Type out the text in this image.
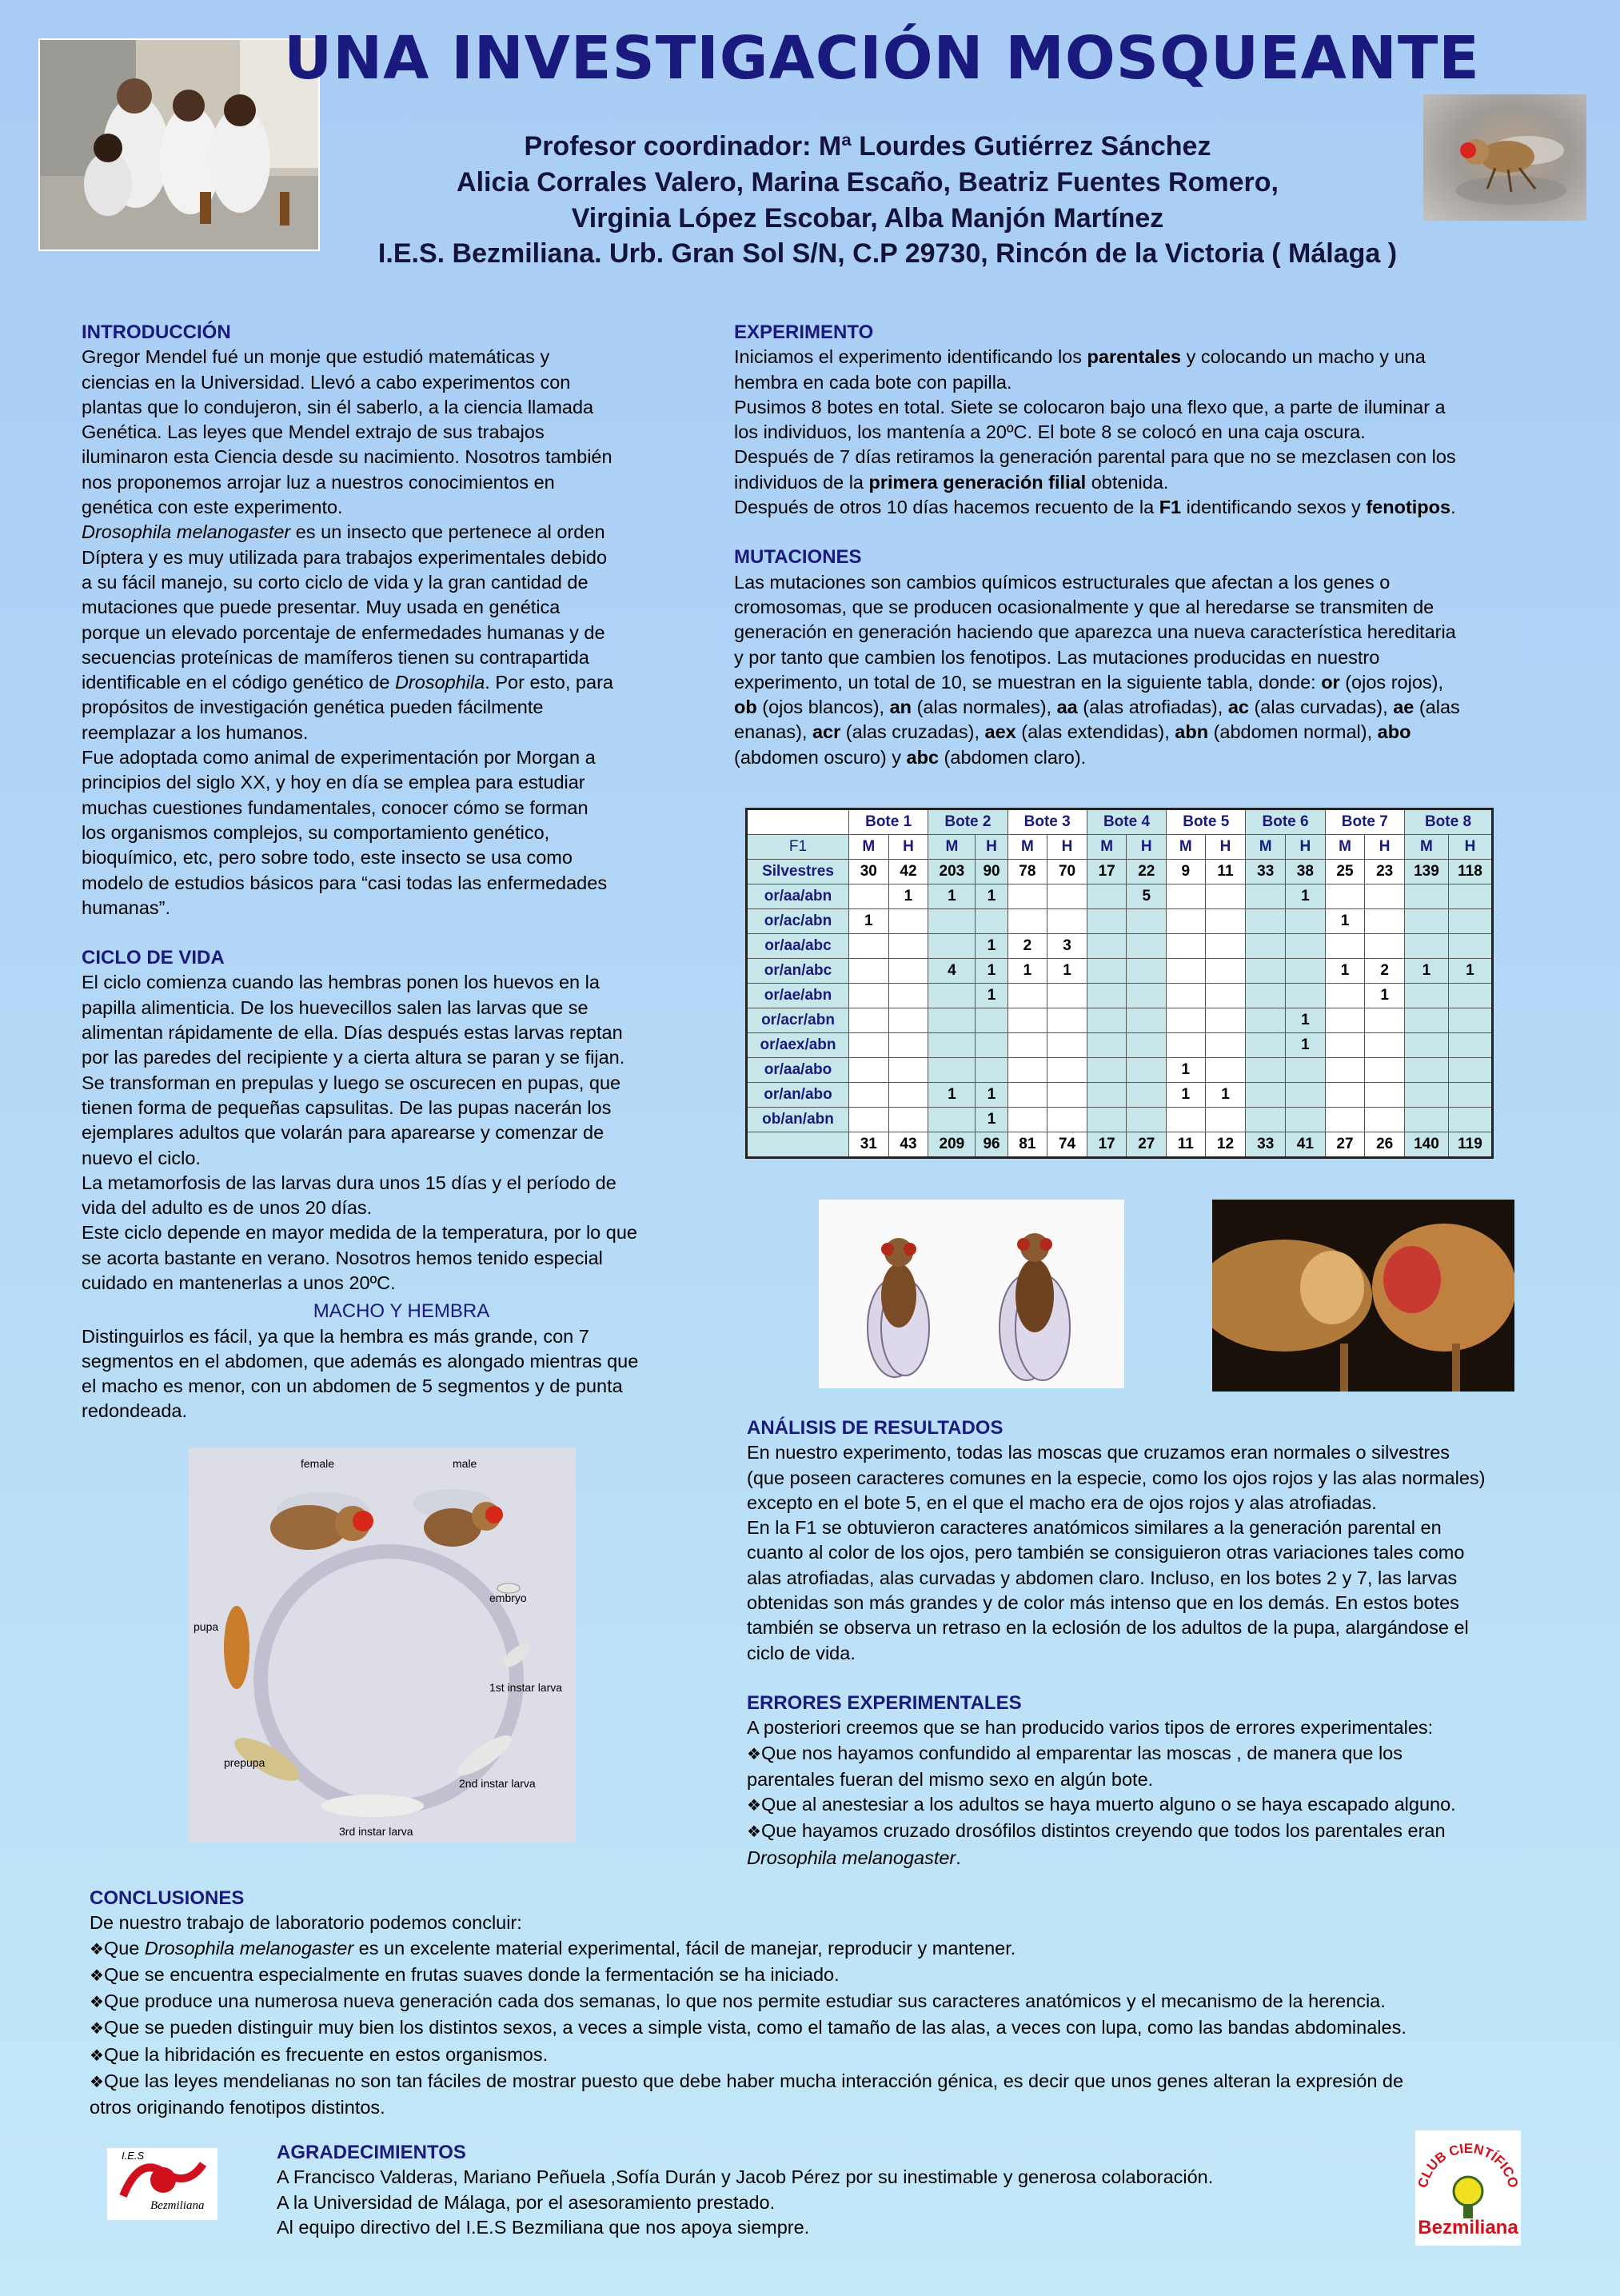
UNA INVESTIGACIÓN MOSQUEANTE
Profesor coordinador: Mª Lourdes Gutiérrez Sánchez
Alicia Corrales Valero, Marina Escaño, Beatriz Fuentes Romero,
Virginia López Escobar, Alba Manjón Martínez
I.E.S. Bezmiliana. Urb. Gran Sol S/N, C.P 29730, Rincón de la Victoria ( Málaga )
INTRODUCCIÓN
Gregor Mendel fué un monje que estudió matemáticas y
ciencias en la Universidad. Llevó a cabo experimentos con
plantas que lo condujeron, sin él saberlo, a la ciencia llamada
Genética. Las leyes que Mendel extrajo de sus trabajos
iluminaron esta Ciencia desde su nacimiento. Nosotros también
nos proponemos arrojar luz a nuestros conocimientos en
genética con este experimento.
Drosophila melanogaster es un insecto que pertenece al orden
Díptera y es muy utilizada para trabajos experimentales debido
a su fácil manejo, su corto ciclo de vida y la gran cantidad de
mutaciones que puede presentar. Muy usada en genética
porque un elevado porcentaje de enfermedades humanas y de
secuencias proteínicas de mamíferos tienen su contrapartida
identificable en el código genético de Drosophila. Por esto, para
propósitos de investigación genética pueden fácilmente
reemplazar a los humanos.
Fue adoptada como animal de experimentación por Morgan a
principios del siglo XX, y hoy en día se emplea para estudiar
muchas cuestiones fundamentales, conocer cómo se forman
los organismos complejos, su comportamiento genético,
bioquímico, etc, pero sobre todo, este insecto se usa como
modelo de estudios básicos para “casi todas las enfermedades
humanas”.
CICLO DE VIDA
El ciclo comienza cuando las hembras ponen los huevos en la
papilla alimenticia. De los huevecillos salen las larvas que se
alimentan rápidamente de ella. Días después estas larvas reptan
por las paredes del recipiente y a cierta altura se paran y se fijan.
Se transforman en prepulas y luego se oscurecen en pupas, que
tienen forma de pequeñas capsulitas. De las pupas nacerán los
ejemplares adultos que volarán para aparearse y comenzar de
nuevo el ciclo.
La metamorfosis de las larvas dura unos 15 días y el período de
vida del adulto es de unos 20 días.
Este ciclo depende en mayor medida de la temperatura, por lo que
se acorta bastante en verano. Nosotros hemos tenido especial
cuidado en mantenerlas a unos 20ºC.
MACHO Y HEMBRA
Distinguirlos es fácil, ya que la hembra es más grande, con 7
segmentos en el abdomen, que además es alongado mientras que
el macho es menor, con un abdomen de 5 segmentos y de punta
redondeada.
female	male
embryo
pupa
1st instar larva
prepupa
2nd instar larva
3rd instar larva
EXPERIMENTO
Iniciamos el experimento identificando los parentales y colocando un macho y una
hembra en cada bote con papilla.
Pusimos 8 botes en total. Siete se colocaron bajo una flexo que, a parte de iluminar a
los individuos, los mantenía a 20ºC. El bote 8 se colocó en una caja oscura.
Después de 7 días retiramos la generación parental para que no se mezclasen con los
individuos de la primera generación filial obtenida.
Después de otros 10 días hacemos recuento de la F1 identificando sexos y fenotipos.
MUTACIONES
Las mutaciones son cambios químicos estructurales que afectan a los genes o
cromosomas, que se producen ocasionalmente y que al heredarse se transmiten de
generación en generación haciendo que aparezca una nueva característica hereditaria
y por tanto que cambien los fenotipos. Las mutaciones producidas en nuestro
experimento, un total de 10, se muestran en la siguiente tabla, donde: or (ojos rojos),
ob (ojos blancos), an (alas normales), aa (alas atrofiadas), ac (alas curvadas), ae (alas
enanas), acr (alas cruzadas), aex (alas extendidas), abn (abdomen normal), abo
(abdomen oscuro) y abc (abdomen claro).
	Bote 1		Bote 2		Bote 3		Bote 4		Bote 5		Bote 6		Bote 7		Bote 8	
F1	M	H	M	H	M	H	M	H	M	H	M	H	M	H	M	H
Silvestres	30	42	203	90	78	70	17	22	9	11	33	38	25	23	139	118
or/aa/abn		1	1	1				5				1				
or/ac/abn	1												1			
or/aa/abc				1	2	3										
or/an/abc			4	1	1	1							1	2	1	1
or/ae/abn				1										1		
or/acr/abn												1				
or/aex/abn												1				
or/aa/abo									1							
or/an/abo			1	1					1	1						
ob/an/abn				1												
	31	43	209	96	81	74	17	27	11	12	33	41	27	26	140	119
ANÁLISIS DE RESULTADOS
En nuestro experimento, todas las moscas que cruzamos eran normales o silvestres
(que poseen caracteres comunes en la especie, como los ojos rojos y las alas normales)
excepto en el bote 5, en el que el macho era de ojos rojos y alas atrofiadas.
En la F1 se obtuvieron caracteres anatómicos similares a la generación parental en
cuanto al color de los ojos, pero también se consiguieron otras variaciones tales como
alas atrofiadas, alas curvadas y abdomen claro. Incluso, en los botes 2 y 7, las larvas
obtenidas son más grandes y de color más intenso que en los demás. En estos botes
también se observa un retraso en la eclosión de los adultos de la pupa, alargándose el
ciclo de vida.
ERRORES EXPERIMENTALES
A posteriori creemos que se han producido varios tipos de errores experimentales:
❖ Que nos hayamos confundido al emparentar las moscas , de manera que los
parentales fueran del mismo sexo en algún bote.
❖ Que al anestesiar a los adultos se haya muerto alguno o se haya escapado alguno.
❖ Que hayamos cruzado drosófilos distintos creyendo que todos los parentales eran
Drosophila melanogaster.
CONCLUSIONES
De nuestro trabajo de laboratorio podemos concluir:
❖ Que Drosophila melanogaster es un excelente material experimental, fácil de manejar, reproducir y mantener.
❖ Que se encuentra especialmente en frutas suaves donde la fermentación se ha iniciado.
❖ Que produce una numerosa nueva generación cada dos semanas, lo que nos permite estudiar sus caracteres anatómicos y el mecanismo de la herencia.
❖ Que se pueden distinguir muy bien los distintos sexos, a veces a simple vista, como el tamaño de las alas, a veces con lupa, como las bandas abdominales.
❖ Que la hibridación es frecuente en estos organismos.
❖ Que las leyes mendelianas no son tan fáciles de mostrar puesto que debe haber mucha interacción génica, es decir que unos genes alteran la expresión de
otros originando fenotipos distintos.
AGRADECIMIENTOS
A Francisco Valderas, Mariano Peñuela ,Sofía Durán y Jacob Pérez por su inestimable y generosa colaboración.
A la Universidad de Málaga, por el asesoramiento prestado.
Al equipo directivo del I.E.S Bezmiliana que nos apoya siempre.
I.E.S
Bezmiliana
CLUB CIENTÍFICO
Bezmiliana
